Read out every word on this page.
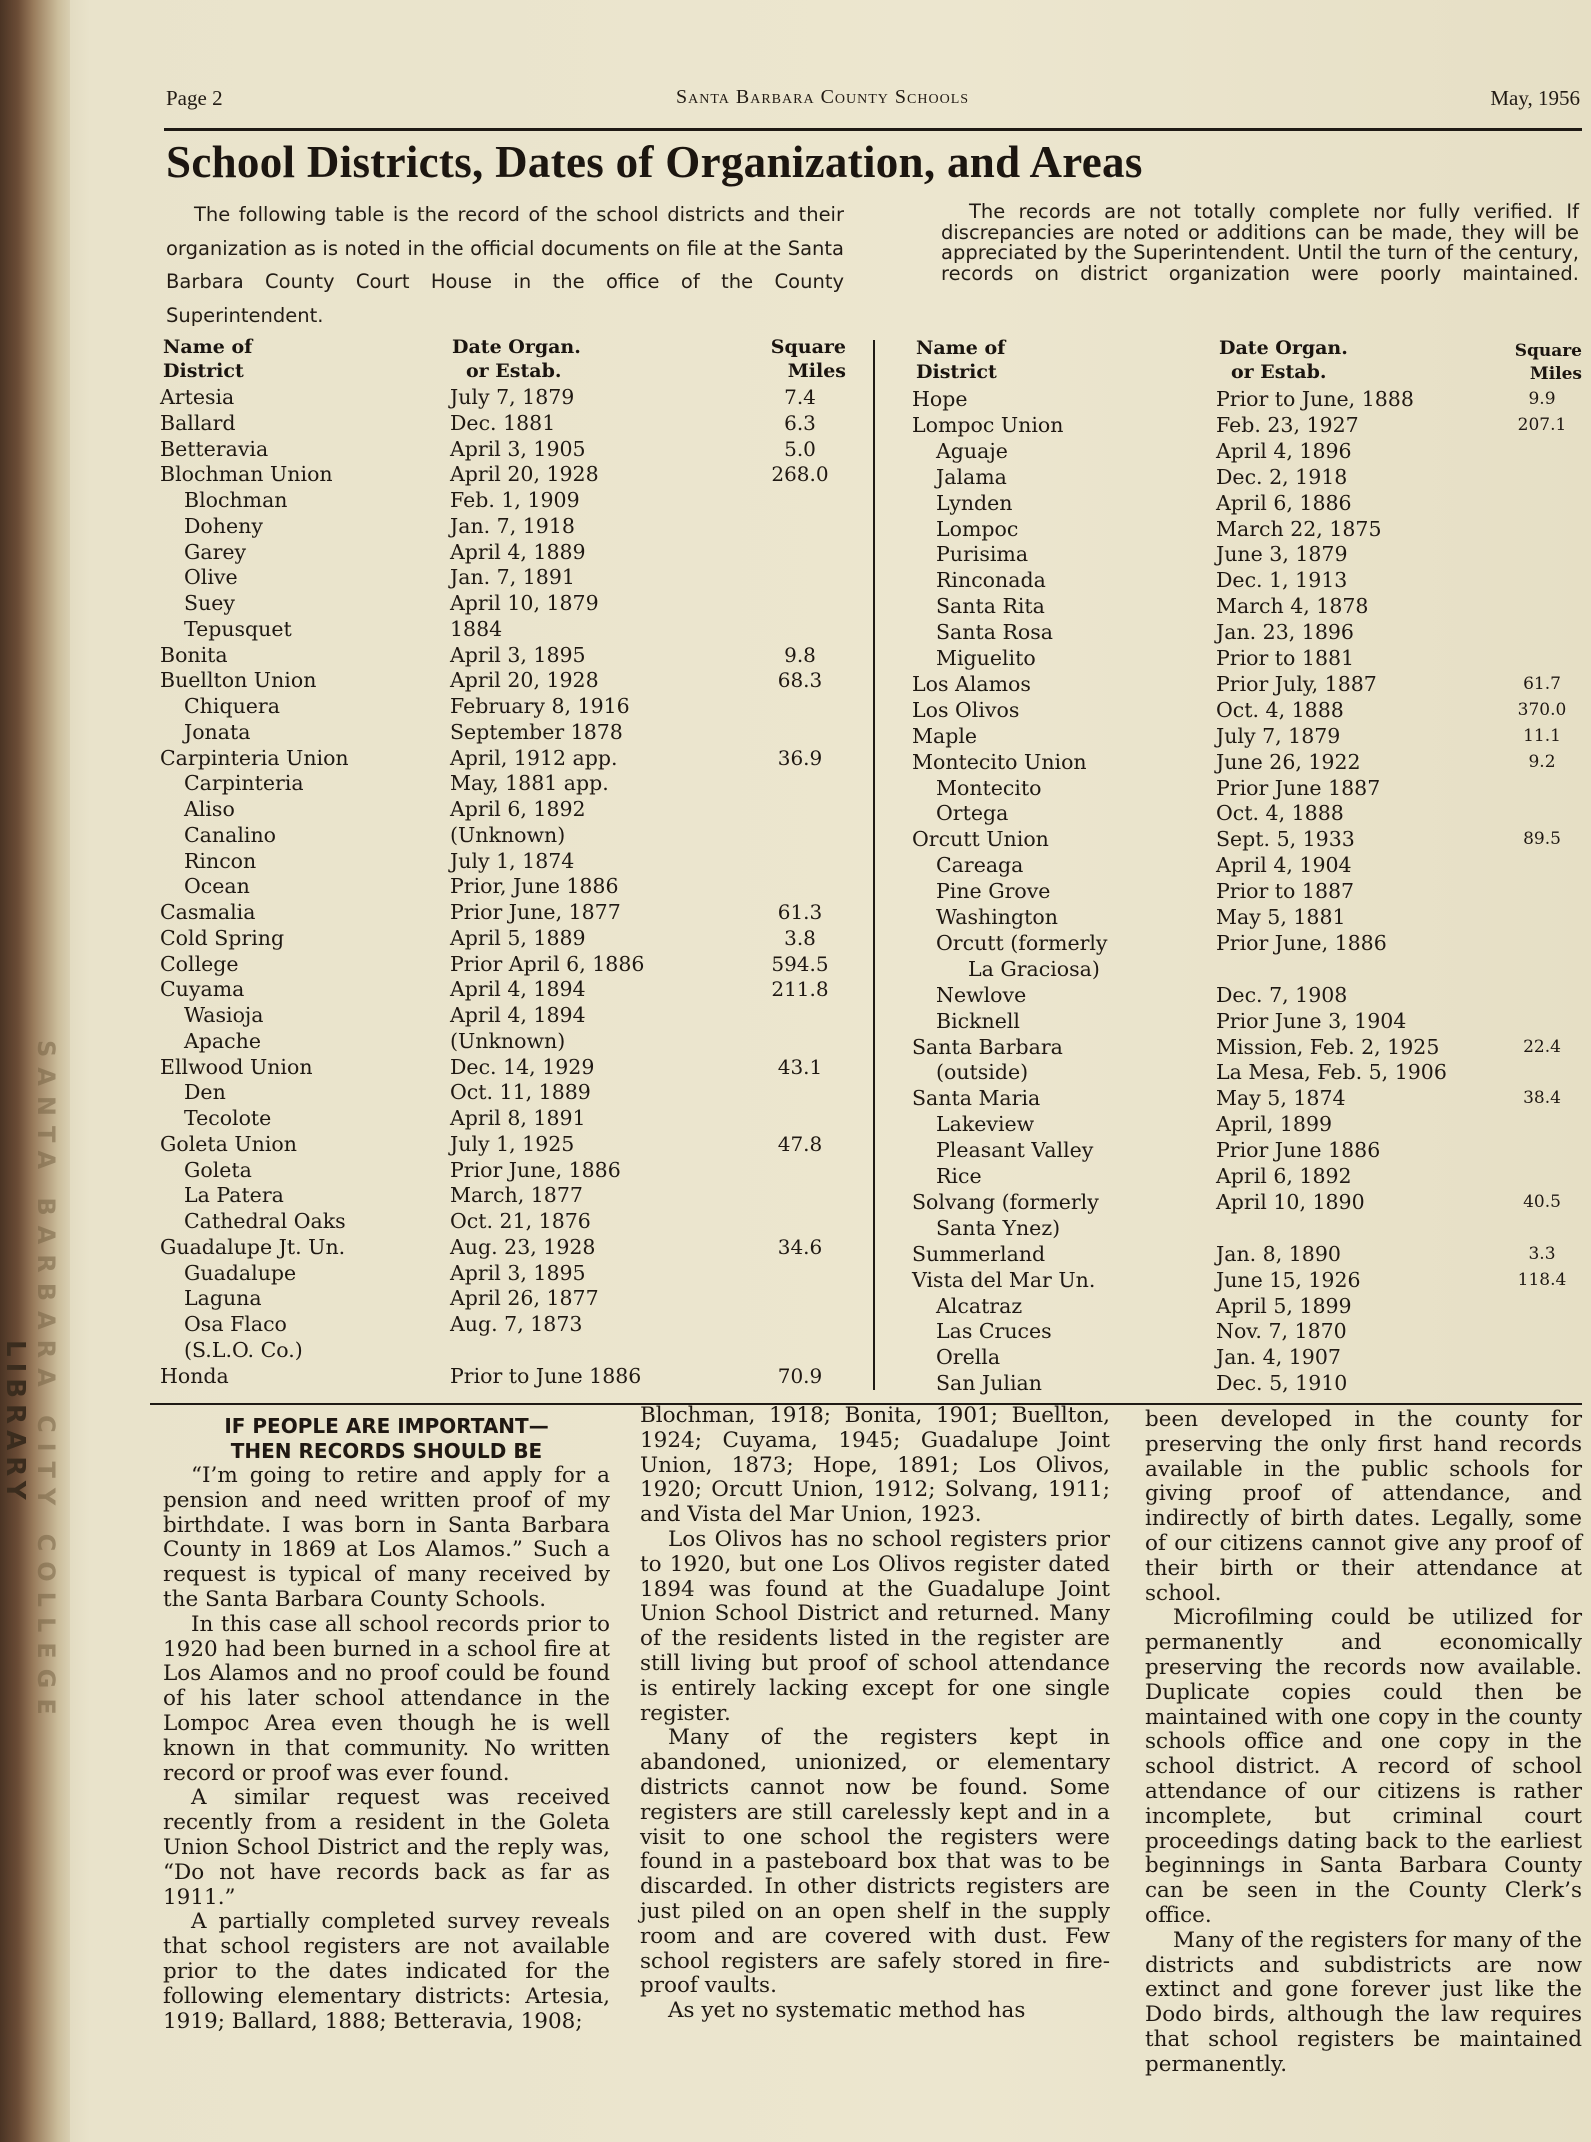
SANTA BARBARA CITY COLLEGE
LIBRARY

Page 2	Santa Barbara County Schools	May, 1956
School Districts, Dates of Organization, and Areas

The following table is the record of the school districts and their organization as is noted in the official documents on file at the Santa Barbara County Court House in the office of the County Superintendent.

The records are not totally complete nor fully verified. If discrepancies are noted or additions can be made, they will be appreciated by the Superintendent. Until the turn of the century, records on district organization were poorly maintained.

Name of
District
Date Organ.
or Estab.
Square
Miles
Name of
District
Date Organ.
or Estab.
Square
Miles
Artesia	July 7, 1879	7.4
Ballard	Dec. 1881	6.3
Betteravia	April 3, 1905	5.0
Blochman Union	April 20, 1928	268.0
Blochman	Feb. 1, 1909
Doheny	Jan. 7, 1918
Garey	April 4, 1889
Olive	Jan. 7, 1891
Suey	April 10, 1879
Tepusquet	1884
Bonita	April 3, 1895	9.8
Buellton Union	April 20, 1928	68.3
Chiquera	February 8, 1916
Jonata	September 1878
Carpinteria Union	April, 1912 app.	36.9
Carpinteria	May, 1881 app.
Aliso	April 6, 1892
Canalino	(Unknown)
Rincon	July 1, 1874
Ocean	Prior, June 1886
Casmalia	Prior June, 1877	61.3
Cold Spring	April 5, 1889	3.8
College	Prior April 6, 1886	594.5
Cuyama	April 4, 1894	211.8
Wasioja	April 4, 1894
Apache	(Unknown)
Ellwood Union	Dec. 14, 1929	43.1
Den	Oct. 11, 1889
Tecolote	April 8, 1891
Goleta Union	July 1, 1925	47.8
Goleta	Prior June, 1886
La Patera	March, 1877
Cathedral Oaks	Oct. 21, 1876
Guadalupe Jt. Un.	Aug. 23, 1928	34.6
Guadalupe	April 3, 1895
Laguna	April 26, 1877
Osa Flaco	Aug. 7, 1873
(S.L.O. Co.)
Honda	Prior to June 1886	70.9
Hope	Prior to June, 1888	9.9
Lompoc Union	Feb. 23, 1927	207.1
Aguaje	April 4, 1896
Jalama	Dec. 2, 1918
Lynden	April 6, 1886
Lompoc	March 22, 1875
Purisima	June 3, 1879
Rinconada	Dec. 1, 1913
Santa Rita	March 4, 1878
Santa Rosa	Jan. 23, 1896
Miguelito	Prior to 1881
Los Alamos	Prior July, 1887	61.7
Los Olivos	Oct. 4, 1888	370.0
Maple	July 7, 1879	11.1
Montecito Union	June 26, 1922	9.2
Montecito	Prior June 1887
Ortega	Oct. 4, 1888
Orcutt Union	Sept. 5, 1933	89.5
Careaga	April 4, 1904
Pine Grove	Prior to 1887
Washington	May 5, 1881
Orcutt (formerly	Prior June, 1886
La Graciosa)
Newlove	Dec. 7, 1908
Bicknell	Prior June 3, 1904
Santa Barbara	Mission, Feb. 2, 1925	22.4
(outside)	La Mesa, Feb. 5, 1906
Santa Maria	May 5, 1874	38.4
Lakeview	April, 1899
Pleasant Valley	Prior June 1886
Rice	April 6, 1892
Solvang (formerly	April 10, 1890	40.5
Santa Ynez)
Summerland	Jan. 8, 1890	3.3
Vista del Mar Un.	June 15, 1926	118.4
Alcatraz	April 5, 1899
Las Cruces	Nov. 7, 1870
Orella	Jan. 4, 1907
San Julian	Dec. 5, 1910
IF PEOPLE ARE IMPORTANT—
THEN RECORDS SHOULD BE

“I’m going to retire and apply for a pension and need written proof of my birthdate. I was born in Santa Barbara County in 1869 at Los Alamos.” Such a request is typical of many received by the Santa Barbara County Schools.

In this case all school records prior to 1920 had been burned in a school fire at Los Alamos and no proof could be found of his later school attendance in the Lompoc Area even though he is well known in that community. No written record or proof was ever found.

A similar request was received recently from a resident in the Goleta Union School District and the reply was, “Do not have records back as far as 1911.”

A partially completed survey reveals that school registers are not available prior to the dates indicated for the following elementary districts: Artesia, 1919; Ballard, 1888; Betteravia, 1908;

Blochman, 1918; Bonita, 1901; Buellton, 1924; Cuyama, 1945; Guadalupe Joint Union, 1873; Hope, 1891; Los Olivos, 1920; Orcutt Union, 1912; Solvang, 1911; and Vista del Mar Union, 1923.

Los Olivos has no school registers prior to 1920, but one Los Olivos register dated 1894 was found at the Guadalupe Joint Union School District and returned. Many of the residents listed in the register are still living but proof of school attendance is entirely lacking except for one single register.

Many of the registers kept in abandoned, unionized, or elementary districts cannot now be found. Some registers are still carelessly kept and in a visit to one school the registers were found in a pasteboard box that was to be discarded. In other districts registers are just piled on an open shelf in the supply room and are covered with dust. Few school registers are safely stored in fire-proof vaults.

As yet no systematic method has

been developed in the county for preserving the only first hand records available in the public schools for giving proof of attendance, and indirectly of birth dates. Legally, some of our citizens cannot give any proof of their birth or their attendance at school.

Microfilming could be utilized for permanently and economically preserving the records now available. Duplicate copies could then be maintained with one copy in the county schools office and one copy in the school district. A record of school attendance of our citizens is rather incomplete, but criminal court proceedings dating back to the earliest beginnings in Santa Barbara County can be seen in the County Clerk’s office.

Many of the registers for many of the districts and subdistricts are now extinct and gone forever just like the Dodo birds, although the law requires that school registers be maintained permanently.
